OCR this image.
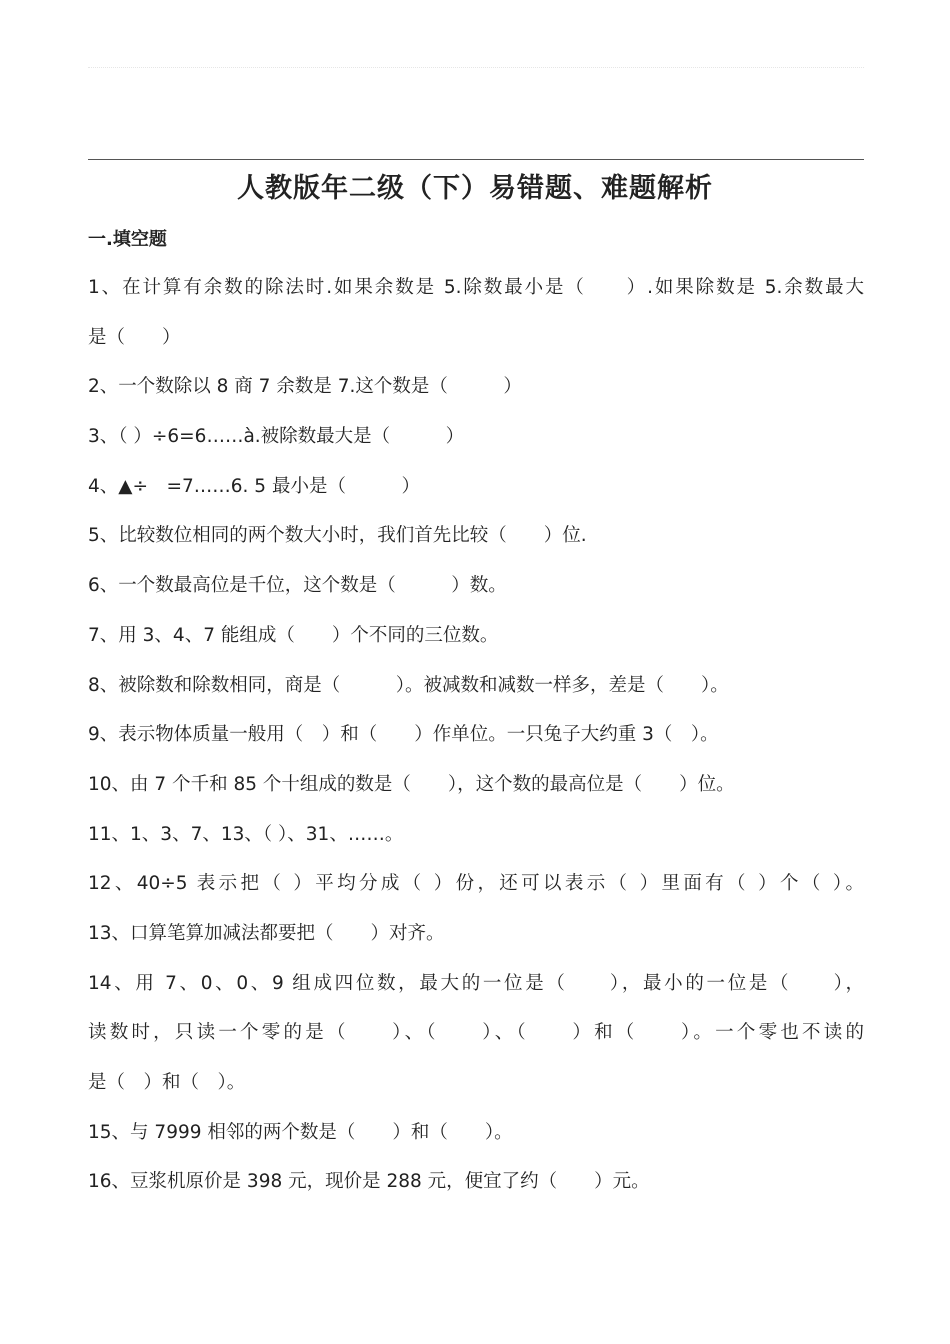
人教版年二级（下）易错题、难题解析
一.填空题
1、在计算有余数的除法时.如果余数是 5.除数最小是（　　）.如果除数是 5.余数最大
是（　　）
2、一个数除以 8 商 7 余数是 7.这个数是（　　　）
3、（ ）÷6=6……à.被除数最大是（　　　）
4、▲÷　=7……6. 5 最小是（　　　）
5、比较数位相同的两个数大小时，我们首先比较（　　）位.
6、一个数最高位是千位，这个数是（　　　）数。
7、用 3、4、7 能组成（　　）个不同的三位数。
8、被除数和除数相同，商是（　　　）。被减数和减数一样多，差是（　　）。
9、表示物体质量一般用（　）和（　　）作单位。一只兔子大约重 3（　）。
10、由 7 个千和 85 个十组成的数是（　　），这个数的最高位是（　　）位。
11、1、3、7、13、（ ）、31、……。
12、40÷5 表示把（ ）平均分成（ ）份，还可以表示（ ）里面有（ ）个（ ）。
13、口算笔算加减法都要把（　　）对齐。
14、用 7、0、0、9 组成四位数，最大的一位是（　　），最小的一位是（　　），
读数时，只读一个零的是（　　）、（　　）、（　　）和（　　）。一个零也不读的
是（　）和（　）。
15、与 7999 相邻的两个数是（　　）和（　　）。
16、豆浆机原价是 398 元，现价是 288 元，便宜了约（　　）元。
